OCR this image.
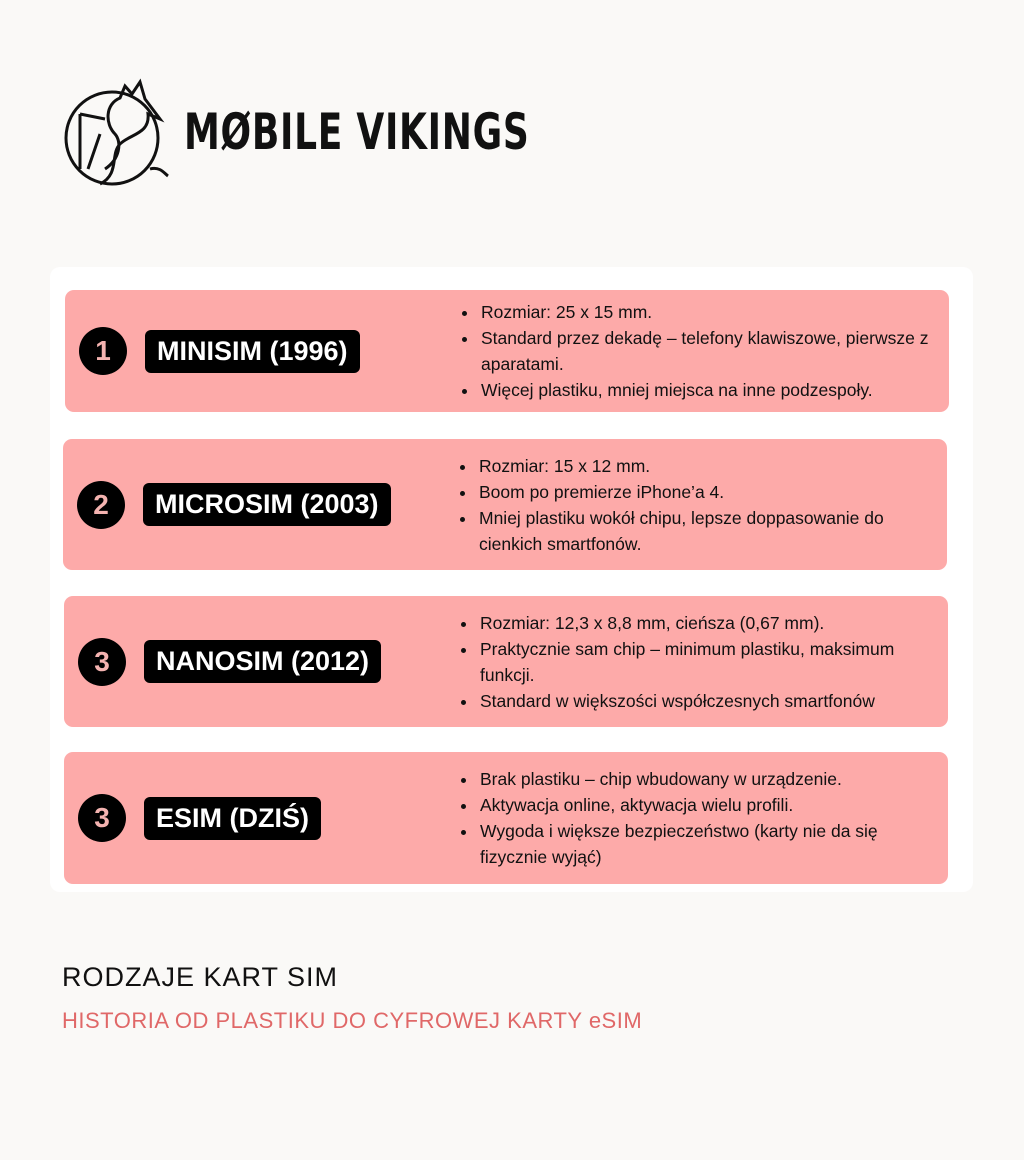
MØBILE VIKINGS
1	MINISIM (1996)
• Rozmiar: 25 x 15 mm.
• Standard przez dekadę – telefony klawiszowe, pierwsze z aparatami.
• Więcej plastiku, mniej miejsca na inne podzespoły.
2	MICROSIM (2003)
• Rozmiar: 15 x 12 mm.
• Boom po premierze iPhone’a 4.
• Mniej plastiku wokół chipu, lepsze doppasowanie do cienkich smartfonów.
3	NANOSIM (2012)
• Rozmiar: 12,3 x 8,8 mm, cieńsza (0,67 mm).
• Praktycznie sam chip – minimum plastiku, maksimum funkcji.
• Standard w większości współczesnych smartfonów
3	ESIM (DZIŚ)
• Brak plastiku – chip wbudowany w urządzenie.
• Aktywacja online, aktywacja wielu profili.
• Wygoda i większe bezpieczeństwo (karty nie da się fizycznie wyjąć)
RODZAJE KART SIM
HISTORIA OD PLASTIKU DO CYFROWEJ KARTY eSIM
